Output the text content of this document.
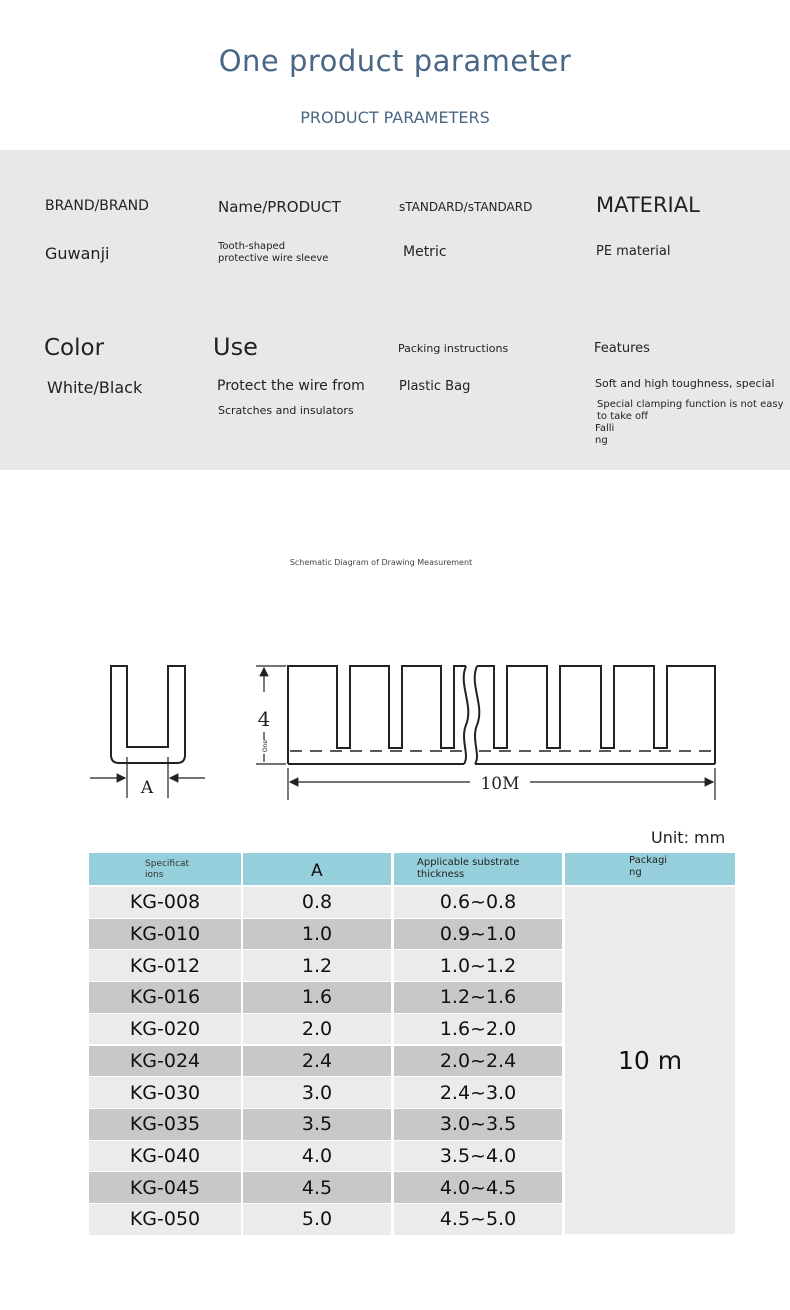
One product parameter
PRODUCT PARAMETERS
BRAND/BRAND
Guwanji
Name/PRODUCT
Tooth-shaped
protective wire sleeve
sTANDARD/sTANDARD
Metric
MATERIAL
PE material
Color
White/Black
Use
Protect the wire from
Scratches and insulators
Packing instructions
Plastic Bag
Features
Soft and high toughness, special
Special clamping function is not easy
to take off
Falli
ng
Schematic Diagram of Drawing Measurement
A
4
One
10M
Unit: mm
Specificat
ions	A	Applicable substrate
thickness
Packagi
ng
KG-008	0.8	0.6~0.8
KG-010	1.0	0.9~1.0
KG-012	1.2	1.0~1.2
KG-016	1.6	1.2~1.6
KG-020	2.0	1.6~2.0
KG-024	2.4	2.0~2.4
KG-030	3.0	2.4~3.0
KG-035	3.5	3.0~3.5
KG-040	4.0	3.5~4.0
KG-045	4.5	4.0~4.5
KG-050	5.0	4.5~5.0
10 m
